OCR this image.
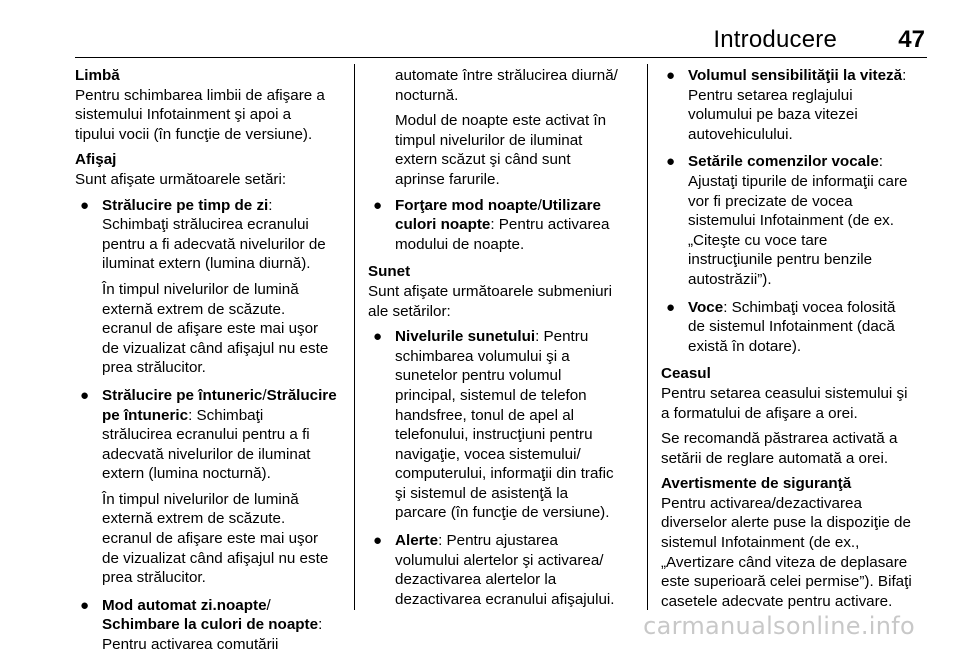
Introducere	47
Limbă
Pentru schimbarea limbii de afişare a
sistemului Infotainment şi apoi a
tipului vocii (în funcţie de versiune).
Afişaj
Sunt afişate următoarele setări:
● Strălucire pe timp de zi:
Schimbaţi strălucirea ecranului
pentru a fi adecvată nivelurilor de
iluminat extern (lumina diurnă).
În timpul nivelurilor de lumină
externă extrem de scăzute.
ecranul de afişare este mai uşor
de vizualizat când afişajul nu este
prea strălucitor.
● Strălucire pe întuneric/Strălucire
pe întuneric: Schimbaţi
strălucirea ecranului pentru a fi
adecvată nivelurilor de iluminat
extern (lumina nocturnă).
În timpul nivelurilor de lumină
externă extrem de scăzute.
ecranul de afişare este mai uşor
de vizualizat când afişajul nu este
prea strălucitor.
● Mod automat zi.noapte/
Schimbare la culori de noapte:
Pentru activarea comutării
automate între strălucirea diurnă/
nocturnă.
Modul de noapte este activat în
timpul nivelurilor de iluminat
extern scăzut şi când sunt
aprinse farurile.
● Forţare mod noapte/Utilizare
culori noapte: Pentru activarea
modului de noapte.
Sunet
Sunt afişate următoarele submeniuri
ale setărilor:
● Nivelurile sunetului: Pentru
schimbarea volumului şi a
sunetelor pentru volumul
principal, sistemul de telefon
handsfree, tonul de apel al
telefonului, instrucţiuni pentru
navigaţie, vocea sistemului/
computerului, informaţii din trafic
şi sistemul de asistenţă la
parcare (în funcţie de versiune).
● Alerte: Pentru ajustarea
volumului alertelor şi activarea/
dezactivarea alertelor la
dezactivarea ecranului afişajului.
● Volumul sensibilităţii la viteză:
Pentru setarea reglajului
volumului pe baza vitezei
autovehiculului.
● Setările comenzilor vocale:
Ajustaţi tipurile de informaţii care
vor fi precizate de vocea
sistemului Infotainment (de ex.
„Citeşte cu voce tare
instrucţiunile pentru benzile
autostrăzii”).
● Voce: Schimbaţi vocea folosită
de sistemul Infotainment (dacă
există în dotare).
Ceasul
Pentru setarea ceasului sistemului şi
a formatului de afişare a orei.
Se recomandă păstrarea activată a
setării de reglare automată a orei.
Avertismente de siguranţă
Pentru activarea/dezactivarea
diverselor alerte puse la dispoziţie de
sistemul Infotainment (de ex.,
„Avertizare când viteza de deplasare
este superioară celei permise”). Bifaţi
casetele adecvate pentru activare.
carmanualsonline.info
